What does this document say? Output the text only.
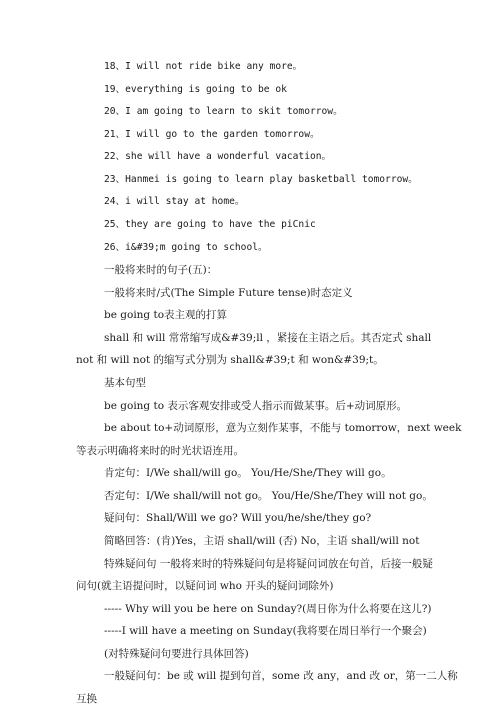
18、I will not ride bike any more。
19、everything is going to be ok
20、I am going to learn to skit tomorrow。
21、I will go to the garden tomorrow。
22、she will have a wonderful vacation。
23、Hanmei is going to learn play basketball tomorrow。
24、i will stay at home。
25、they are going to have the piCnic
26、i&#39;m going to school。
一般将来时的句子(五)：
一般将来时/式(The Simple Future tense)时态定义
be going to表主观的打算
shall 和 will 常常缩写成&#39;ll ，紧接在主语之后。其否定式 shall
not 和 will not 的缩写式分别为 shall&#39;t 和 won&#39;t。
基本句型
be going to 表示客观安排或受人指示而做某事。后+动词原形。
be about to+动词原形，意为立刻作某事，不能与 tomorrow，next week
等表示明确将来时的时光状语连用。
肯定句：I/We shall/will go。 You/He/She/They will go。
否定句：I/We shall/will not go。 You/He/She/They will not go。
疑问句：Shall/Will we go? Will you/he/she/they go?
简略回答：(肯)Yes，主语 shall/will (否) No，主语 shall/will not
特殊疑问句 一般将来时的特殊疑问句是将疑问词放在句首，后接一般疑
问句(就主语提问时，以疑问词 who 开头的疑问词除外)
----- Why will you be here on Sunday?(周日你为什么将要在这儿?)
-----I will have a meeting on Sunday(我将要在周日举行一个聚会)
(对特殊疑问句要进行具体回答)
一般疑问句：be 或 will 提到句首，some 改 any，and 改 or，第一二人称
互换
